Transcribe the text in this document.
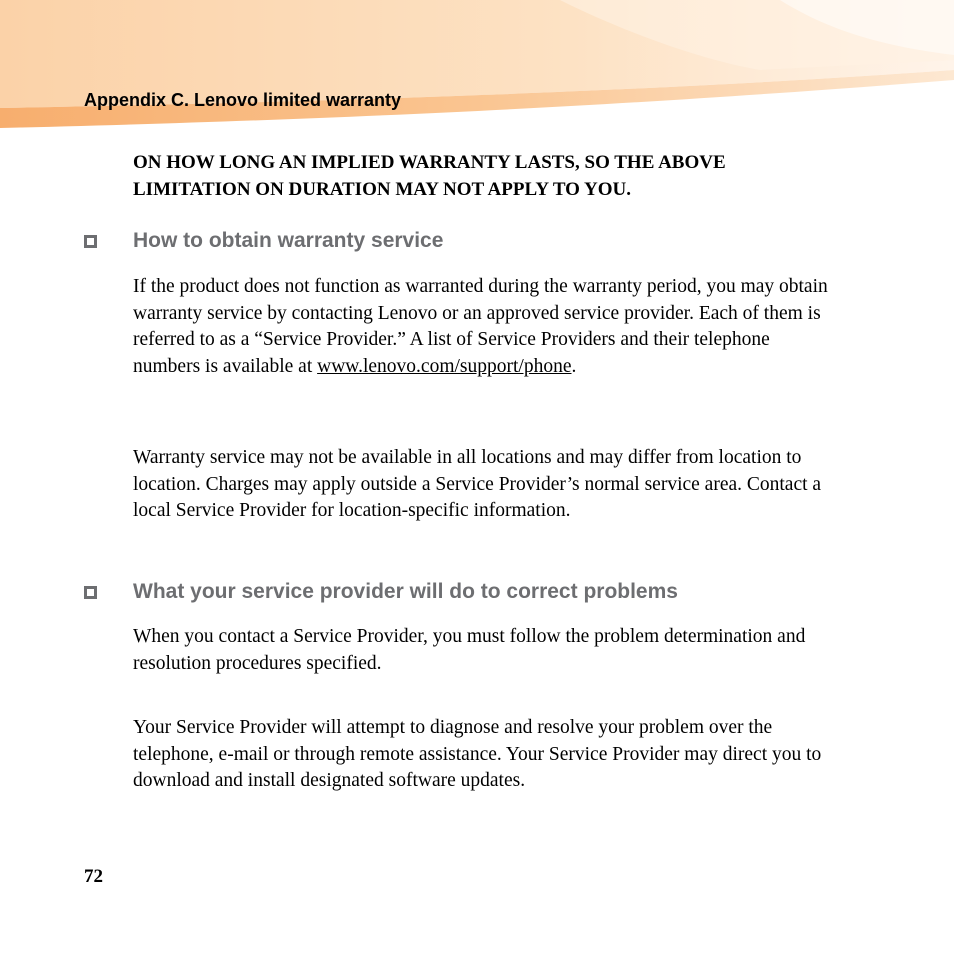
Appendix C. Lenovo limited warranty

ON HOW LONG AN IMPLIED WARRANTY LASTS, SO THE ABOVE LIMITATION ON DURATION MAY NOT APPLY TO YOU.

How to obtain warranty service

If the product does not function as warranted during the warranty period, you may obtain warranty service by contacting Lenovo or an approved service provider. Each of them is referred to as a “Service Provider.” A list of Service Providers and their telephone numbers is available at www.lenovo.com/support/phone.

Warranty service may not be available in all locations and may differ from location to location. Charges may apply outside a Service Provider’s normal service area. Contact a local Service Provider for location-specific information.

What your service provider will do to correct problems

When you contact a Service Provider, you must follow the problem determination and resolution procedures specified.

Your Service Provider will attempt to diagnose and resolve your problem over the telephone, e-mail or through remote assistance. Your Service Provider may direct you to download and install designated software updates.

72
